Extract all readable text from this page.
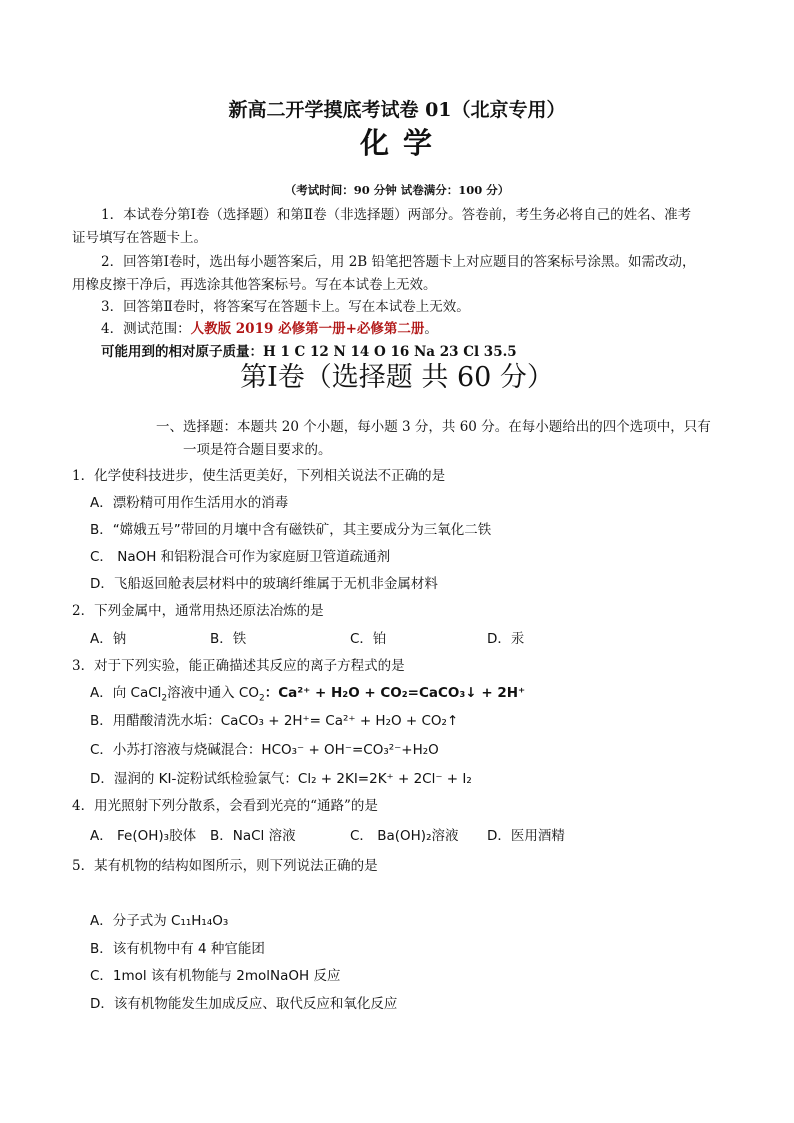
新高二开学摸底考试卷 01（北京专用）
化 学
（考试时间：90 分钟 试卷满分：100 分）
1．本试卷分第Ⅰ卷（选择题）和第Ⅱ卷（非选择题）两部分。答卷前，考生务必将自己的姓名、准考
证号填写在答题卡上。
2．回答第Ⅰ卷时，选出每小题答案后，用 2B 铅笔把答题卡上对应题目的答案标号涂黑。如需改动，
用橡皮擦干净后，再选涂其他答案标号。写在本试卷上无效。
3．回答第Ⅱ卷时，将答案写在答题卡上。写在本试卷上无效。
4．测试范围：人教版 2019 必修第一册+必修第二册。
可能用到的相对原子质量：H 1 C 12 N 14 O 16 Na 23 Cl 35.5
第Ⅰ卷（选择题 共 60 分）
一、选择题：本题共 20 个小题，每小题 3 分，共 60 分。在每小题给出的四个选项中，只有
一项是符合题目要求的。
1．化学使科技进步，使生活更美好，下列相关说法不正确的是
A．漂粉精可用作生活用水的消毒
B．“嫦娥五号”带回的月壤中含有磁铁矿，其主要成分为三氧化二铁
C． NaOH 和铝粉混合可作为家庭厨卫管道疏通剂
D．飞船返回舱表层材料中的玻璃纤维属于无机非金属材料
2．下列金属中，通常用热还原法冶炼的是
A．钠	B．铁	C．铂	D．汞
3．对于下列实验，能正确描述其反应的离子方程式的是
A．向 CaCl$_2$溶液中通入 $CO_2$：Ca²⁺ + H₂O + CO₂=CaCO₃↓ + 2H⁺
B．用醋酸清洗水垢：CaCO₃ + 2H⁺= Ca²⁺ + H₂O + CO₂↑
C．小苏打溶液与烧碱混合：HCO₃⁻ + OH⁻=CO₃²⁻+H₂O
D．湿润的 KI-淀粉试纸检验氯气：Cl₂ + 2KI=2K⁺ + 2Cl⁻ + I₂
4．用光照射下列分散系，会看到光亮的“通路”的是
A． Fe(OH)₃胶体 B．NaCl 溶液	C． Ba(OH)₂溶液 D．医用酒精
5．某有机物的结构如图所示，则下列说法正确的是
A．分子式为 C₁₁H₁₄O₃
B．该有机物中有 4 种官能团
C．1mol 该有机物能与 2molNaOH 反应
D．该有机物能发生加成反应、取代反应和氧化反应
